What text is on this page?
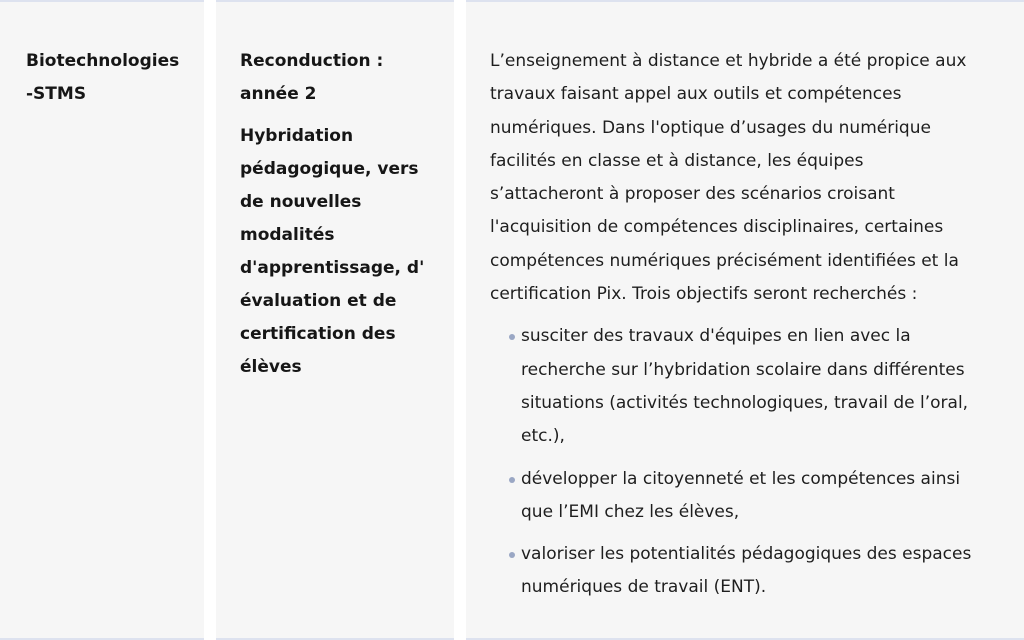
Biotechnologies

-STMS

Reconduction :

année 2

Hybridation

pédagogique, vers

de nouvelles

modalités

d'apprentissage, d'

évaluation et de

certification des

élèves

L’enseignement à distance et hybride a été propice aux

travaux faisant appel aux outils et compétences

numériques. Dans l'optique d’usages du numérique

facilités en classe et à distance, les équipes

s’attacheront à proposer des scénarios croisant

l'acquisition de compétences disciplinaires, certaines

compétences numériques précisément identifiées et la

certification Pix. Trois objectifs seront recherchés :

susciter des travaux d'équipes en lien avec la
recherche sur l’hybridation scolaire dans différentes
situations (activités technologiques, travail de l’oral,
etc.),
développer la citoyenneté et les compétences ainsi
que l’EMI chez les élèves,
valoriser les potentialités pédagogiques des espaces
numériques de travail (ENT).
